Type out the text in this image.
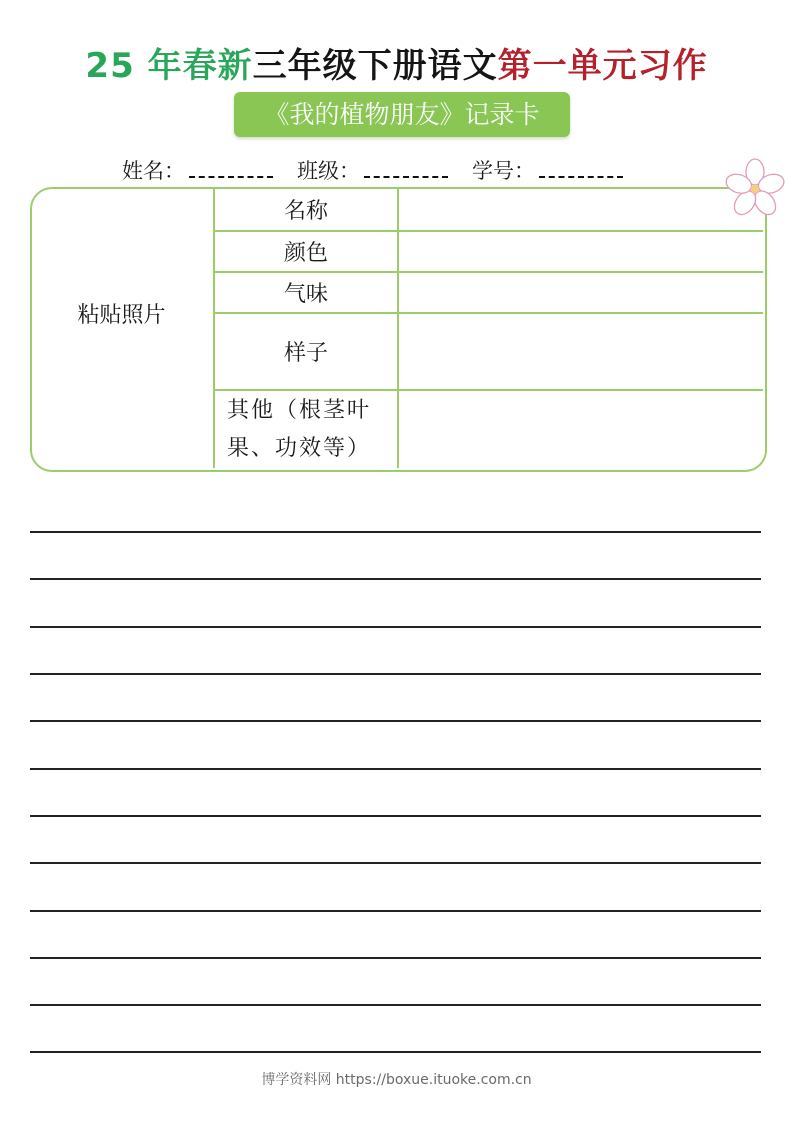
25 年春新三年级下册语文第一单元习作
《我的植物朋友》记录卡
姓名：	班级：	学号：
粘贴照片
名称
颜色
气味
样子
其他（根茎叶
果、功效等）
博学资料网 https://boxue.ituoke.com.cn
